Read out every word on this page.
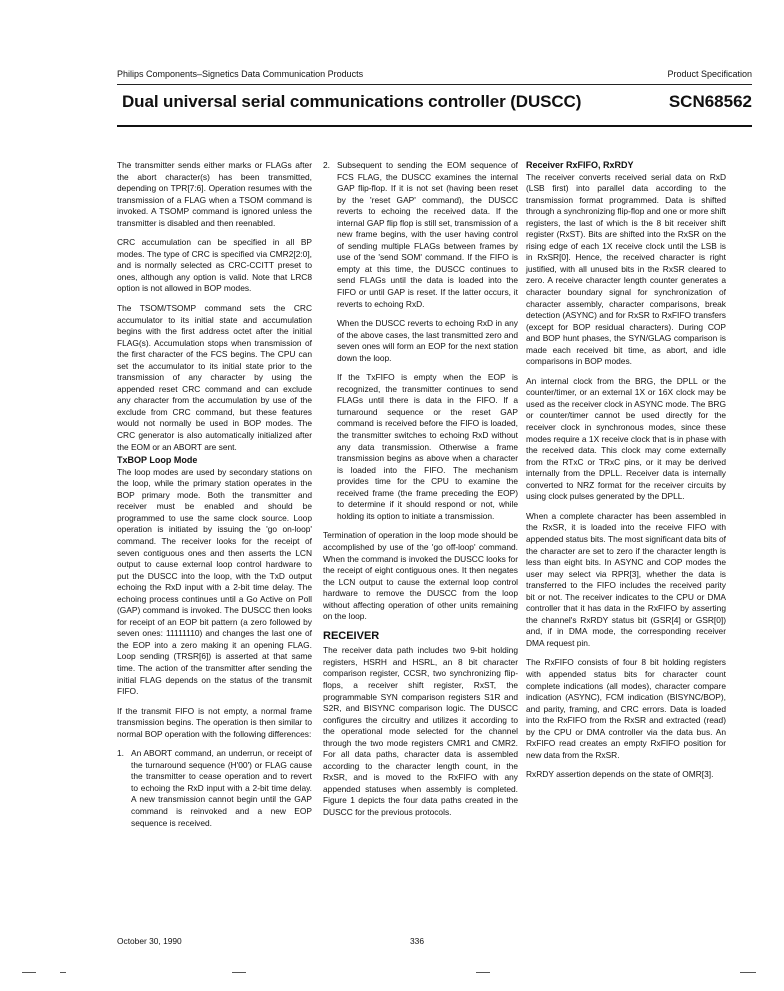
Philips Components–Signetics Data Communication Products	Product Specification
Dual universal serial communications controller (DUSCC)	SCN68562

The transmitter sends either marks or FLAGs after the abort character(s) has been transmitted, depending on TPR[7:6]. Operation resumes with the transmission of a FLAG when a TSOM command is invoked. A TSOMP command is ignored unless the transmitter is disabled and then reenabled.

CRC accumulation can be specified in all BP modes. The type of CRC is specified via CMR2[2:0], and is normally selected as CRC-CCITT preset to ones, although any option is valid. Note that LRC8 option is not allowed in BOP modes.

The TSOM/TSOMP command sets the CRC accumulator to its initial state and accumulation begins with the first address octet after the initial FLAG(s). Accumulation stops when transmission of the first character of the FCS begins. The CPU can set the accumulator to its initial state prior to the transmission of any character by using the appended reset CRC command and can exclude any character from the accumulation by use of the exclude from CRC command, but these features would not normally be used in BOP modes. The CRC generator is also automatically initialized after the EOM or an ABORT are sent.

TxBOP Loop Mode

The loop modes are used by secondary stations on the loop, while the primary station operates in the BOP primary mode. Both the transmitter and receiver must be enabled and should be programmed to use the same clock source. Loop operation is initiated by issuing the 'go on-loop' command. The receiver looks for the receipt of seven contiguous ones and then asserts the LCN output to cause external loop control hardware to put the DUSCC into the loop, with the TxD output echoing the RxD input with a 2-bit time delay. The echoing process continues until a Go Active on Poll (GAP) command is invoked. The DUSCC then looks for receipt of an EOP bit pattern (a zero followed by seven ones: 11111110) and changes the last one of the EOP into a zero making it an opening FLAG. Loop sending (TRSR[6]) is asserted at that same time. The action of the transmitter after sending the initial FLAG depends on the status of the transmit FIFO.

If the transmit FIFO is not empty, a normal frame transmission begins. The operation is then similar to normal BOP operation with the following differences:

1. An ABORT command, an underrun, or receipt of the turnaround sequence (H'00') or FLAG cause the transmitter to cease operation and to revert to echoing the RxD input with a 2-bit time delay. A new transmission cannot begin until the GAP command is reinvoked and a new EOP sequence is received.
2. Subsequent to sending the EOM sequence of FCS FLAG, the DUSCC examines the internal GAP flip-flop. If it is not set (having been reset by the 'reset GAP' command), the DUSCC reverts to echoing the received data. If the internal GAP flip flop is still set, transmission of a new frame begins, with the user having control of sending multiple FLAGs between frames by use of the 'send SOM' command. If the FIFO is empty at this time, the DUSCC continues to send FLAGs until the data is loaded into the FIFO or until GAP is reset. If the latter occurs, it reverts to echoing RxD.

When the DUSCC reverts to echoing RxD in any of the above cases, the last transmitted zero and seven ones will form an EOP for the next station down the loop.

If the TxFIFO is empty when the EOP is recognized, the transmitter continues to send FLAGs until there is data in the FIFO. If a turnaround sequence or the reset GAP command is received before the FIFO is loaded, the transmitter switches to echoing RxD without any data transmission. Otherwise a frame transmission begins as above when a character is loaded into the FIFO. The mechanism provides time for the CPU to examine the received frame (the frame preceding the EOP) to determine if it should respond or not, while holding its option to initiate a transmission.

Termination of operation in the loop mode should be accomplished by use of the 'go off-loop' command. When the command is invoked the DUSCC looks for the receipt of eight contiguous ones. It then negates the LCN output to cause the external loop control hardware to remove the DUSCC from the loop without affecting operation of other units remaining on the loop.

RECEIVER

The receiver data path includes two 9-bit holding registers, HSRH and HSRL, an 8 bit character comparison register, CCSR, two synchronizing flip-flops, a receiver shift register, RxST, the programmable SYN comparison registers S1R and S2R, and BISYNC comparison logic. The DUSCC configures the circuitry and utilizes it according to the operational mode selected for the channel through the two mode registers CMR1 and CMR2. For all data paths, character data is assembled according to the character length count, in the RxSR, and is moved to the RxFIFO with any appended statuses when assembly is completed. Figure 1 depicts the four data paths created in the DUSCC for the previous protocols.

Receiver RxFIFO, RxRDY

The receiver converts received serial data on RxD (LSB first) into parallel data according to the transmission format programmed. Data is shifted through a synchronizing flip-flop and one or more shift registers, the last of which is the 8 bit receiver shift register (RxST). Bits are shifted into the RxSR on the rising edge of each 1X receive clock until the LSB is in RxSR[0]. Hence, the received character is right justified, with all unused bits in the RxSR cleared to zero. A receive character length counter generates a character boundary signal for synchronization of character assembly, character comparisons, break detection (ASYNC) and for RxSR to RxFIFO transfers (except for BOP residual characters). During COP and BOP hunt phases, the SYN/GLAG comparison is made each received bit time, as abort, and idle comparisons in BOP modes.

An internal clock from the BRG, the DPLL or the counter/timer, or an external 1X or 16X clock may be used as the receiver clock in ASYNC mode. The BRG or counter/timer cannot be used directly for the receiver clock in synchronous modes, since these modes require a 1X receive clock that is in phase with the received data. This clock may come externally from the RTxC or TRxC pins, or it may be derived internally from the DPLL. Receiver data is internally converted to NRZ format for the receiver circuits by using clock pulses generated by the DPLL.

When a complete character has been assembled in the RxSR, it is loaded into the receive FIFO with appended status bits. The most significant data bits of the character are set to zero if the character length is less than eight bits. In ASYNC and COP modes the user may select via RPR[3], whether the data is transferred to the FIFO includes the received parity bit or not. The receiver indicates to the CPU or DMA controller that it has data in the RxFIFO by asserting the channel's RxRDY status bit (GSR[4] or GSR[0]) and, if in DMA mode, the corresponding receiver DMA request pin.

The RxFIFO consists of four 8 bit holding registers with appended status bits for character count complete indications (all modes), character compare indication (ASYNC), FCM indication (BISYNC/BOP), and parity, framing, and CRC errors. Data is loaded into the RxFIFO from the RxSR and extracted (read) by the CPU or DMA controller via the data bus. An RxFIFO read creates an empty RxFIFO position for new data from the RxSR.

RxRDY assertion depends on the state of OMR[3].

October 30, 1990	336
